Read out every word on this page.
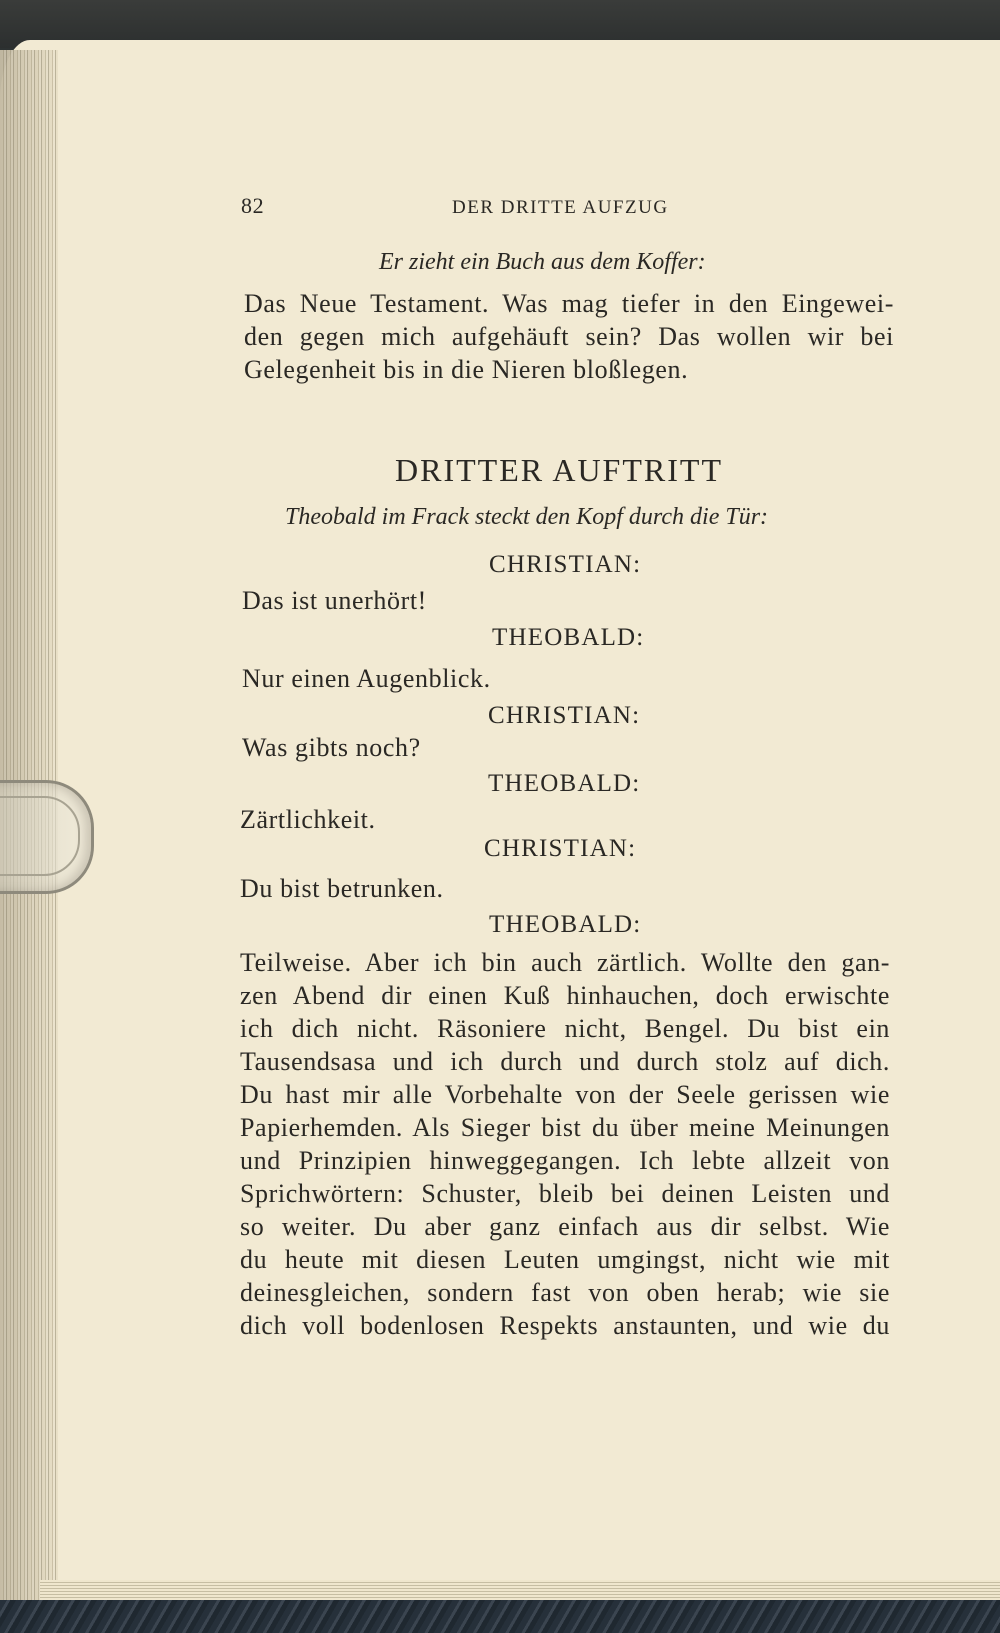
82	DER DRITTE AUFZUG
Er zieht ein Buch aus dem Koffer:
Das Neue Testament. Was mag tiefer in den Eingewei-
den gegen mich aufgehäuft sein? Das wollen wir bei
Gelegenheit bis in die Nieren bloßlegen.
DRITTER AUFTRITT
Theobald im Frack steckt den Kopf durch die Tür:
CHRISTIAN:
Das ist unerhört!
THEOBALD:
Nur einen Augenblick.
CHRISTIAN:
Was gibts noch?
THEOBALD:
Zärtlichkeit.
CHRISTIAN:
Du bist betrunken.
THEOBALD:
Teilweise. Aber ich bin auch zärtlich. Wollte den gan-
zen Abend dir einen Kuß hinhauchen, doch erwischte
ich dich nicht. Räsoniere nicht, Bengel. Du bist ein
Tausendsasa und ich durch und durch stolz auf dich.
Du hast mir alle Vorbehalte von der Seele gerissen wie
Papierhemden. Als Sieger bist du über meine Meinungen
und Prinzipien hinweggegangen. Ich lebte allzeit von
Sprichwörtern: Schuster, bleib bei deinen Leisten und
so weiter. Du aber ganz einfach aus dir selbst. Wie
du heute mit diesen Leuten umgingst, nicht wie mit
deinesgleichen, sondern fast von oben herab; wie sie
dich voll bodenlosen Respekts anstaunten, und wie du
